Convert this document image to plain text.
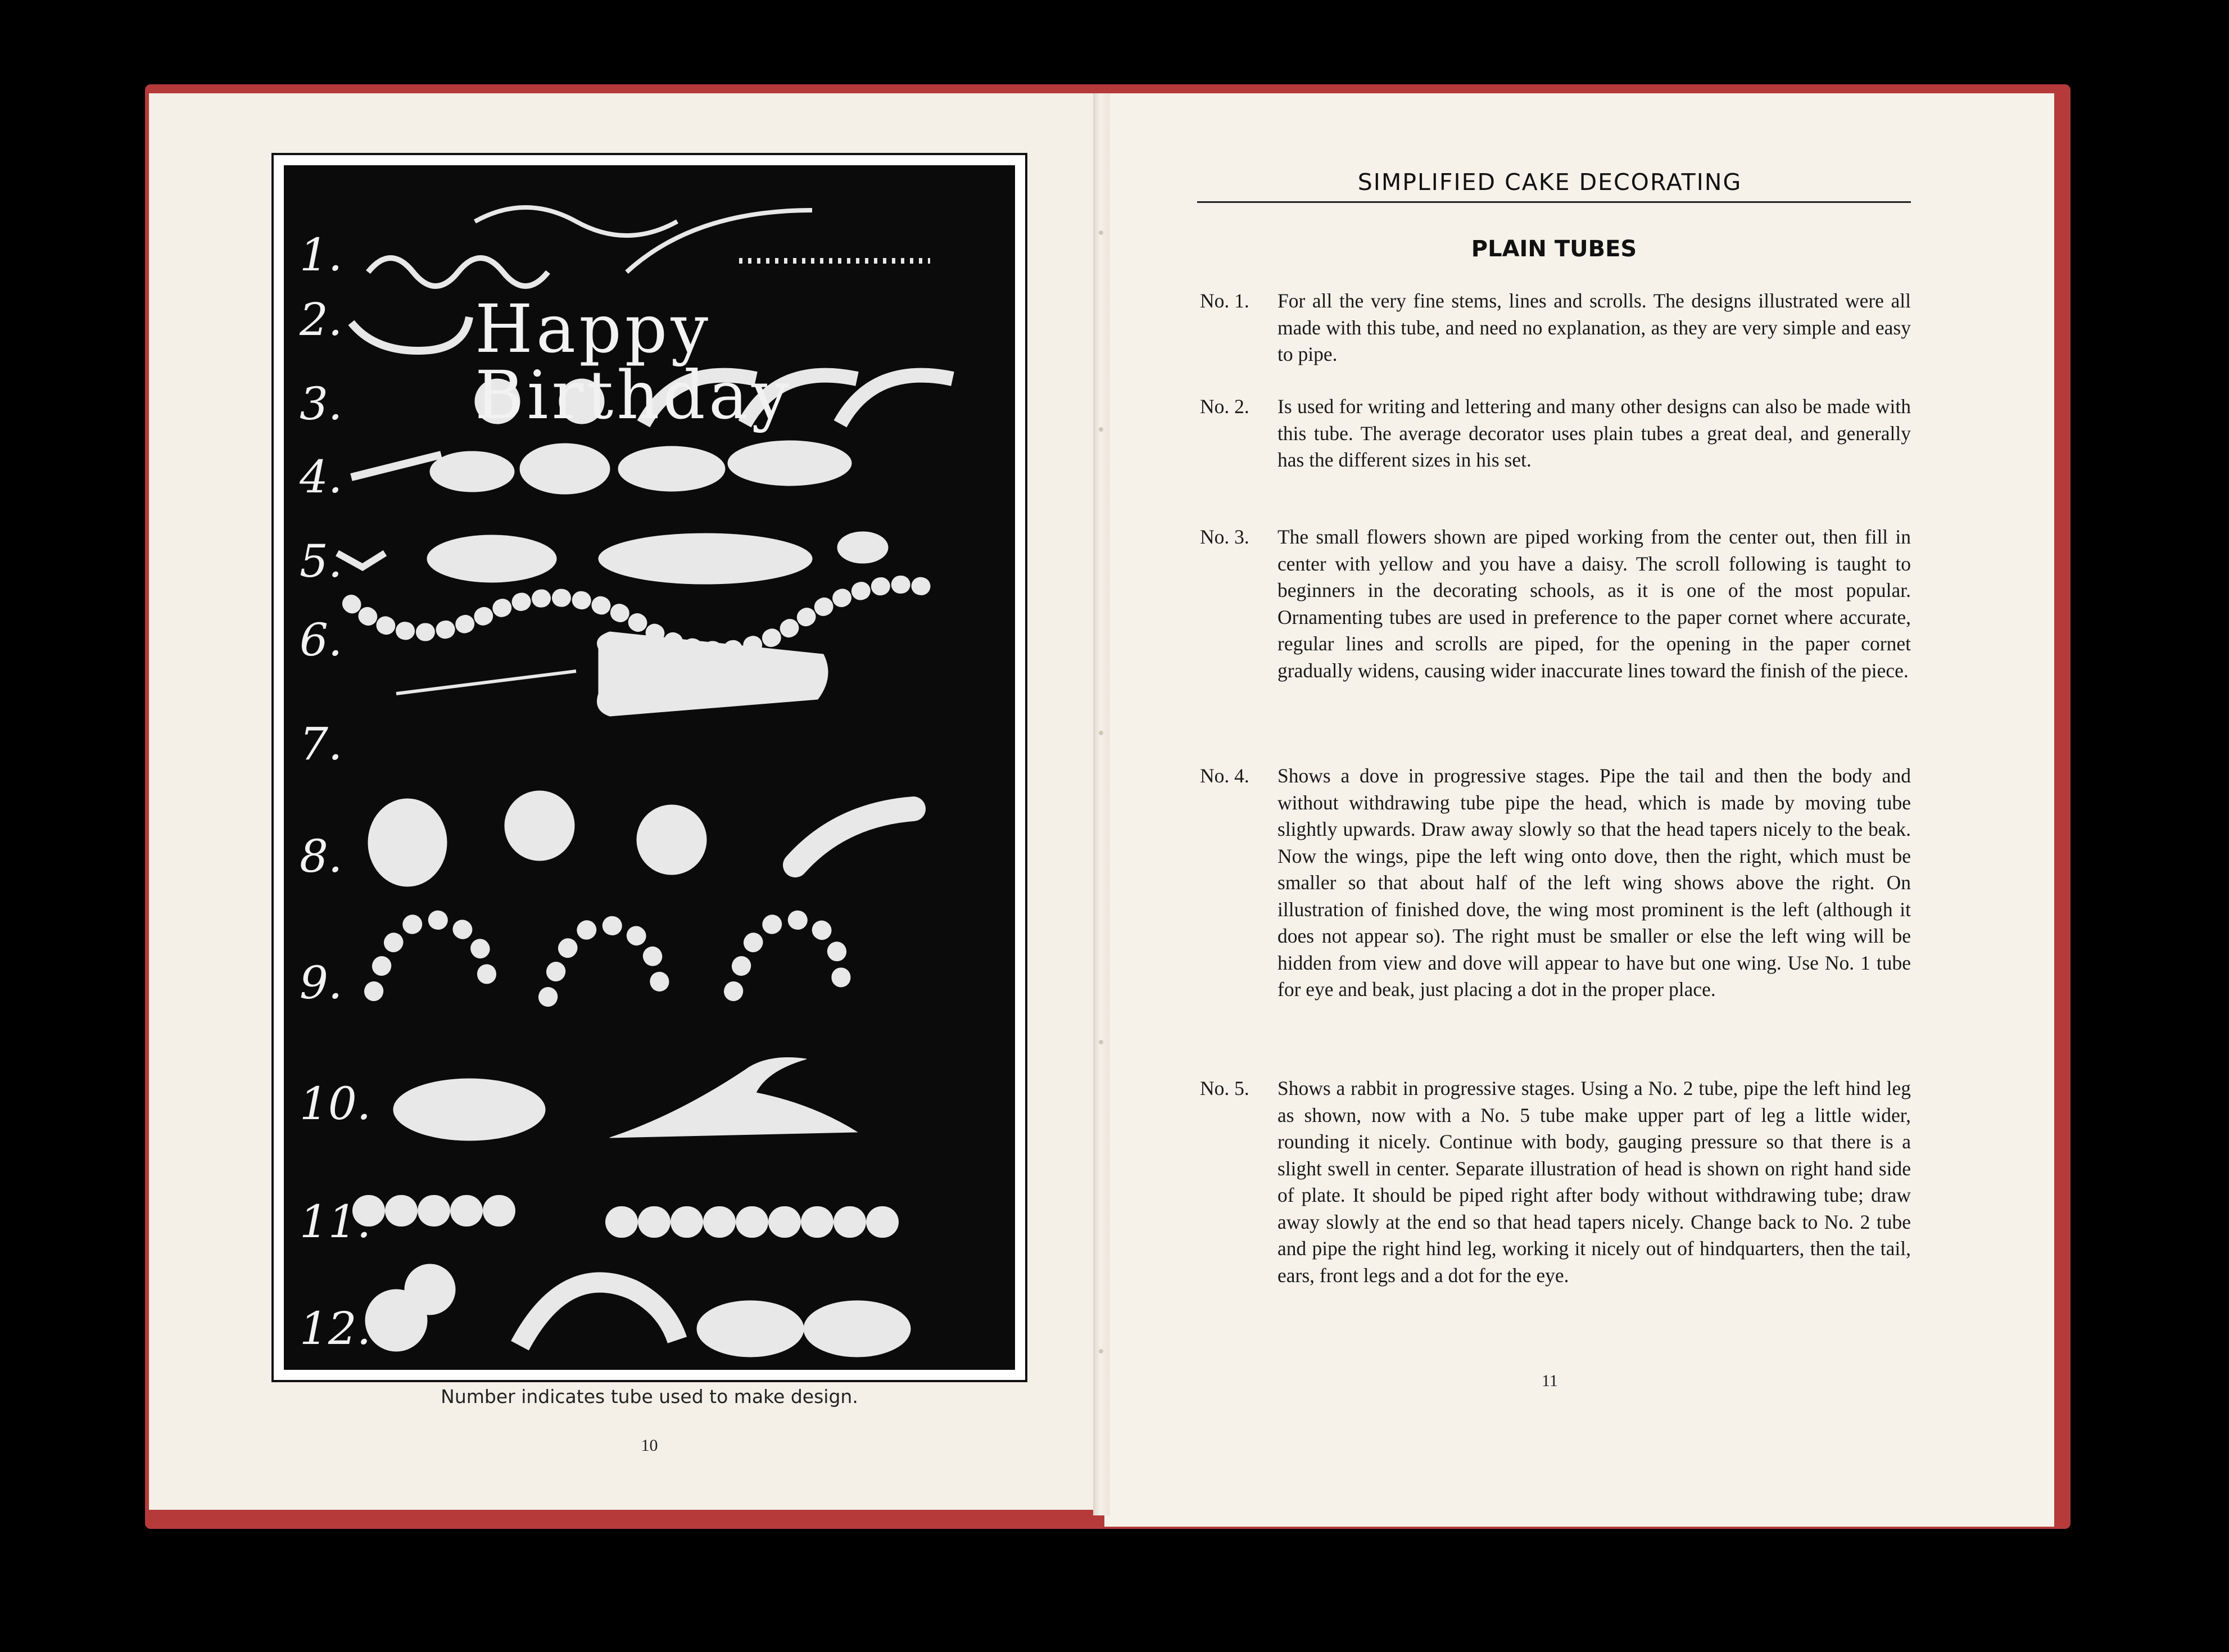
1.
2.
3.
4.
5.
6.
7.
8.
9.
10.
11.
12.
Happy Birthday
Number indicates tube used to make design.
10
SIMPLIFIED CAKE DECORATING
PLAIN TUBES
No. 1. For all the very fine stems, lines and scrolls. The designs illustrated were all made with this tube, and need no explanation, as they are very simple and easy to pipe.
No. 2. Is used for writing and lettering and many other designs can also be made with this tube. The average decorator uses plain tubes a great deal, and generally has the different sizes in his set.
No. 3. The small flowers shown are piped working from the center out, then fill in center with yellow and you have a daisy. The scroll following is taught to beginners in the decorating schools, as it is one of the most popular. Ornamenting tubes are used in preference to the paper cornet where accurate, regular lines and scrolls are piped, for the opening in the paper cornet gradually widens, causing wider inaccurate lines toward the finish of the piece.
No. 4. Shows a dove in progressive stages. Pipe the tail and then the body and without withdrawing tube pipe the head, which is made by moving tube slightly upwards. Draw away slowly so that the head tapers nicely to the beak. Now the wings, pipe the left wing onto dove, then the right, which must be smaller so that about half of the left wing shows above the right. On illustration of finished dove, the wing most prominent is the left (although it does not appear so). The right must be smaller or else the left wing will be hidden from view and dove will appear to have but one wing. Use No. 1 tube for eye and beak, just placing a dot in the proper place.
No. 5. Shows a rabbit in progressive stages. Using a No. 2 tube, pipe the left hind leg as shown, now with a No. 5 tube make upper part of leg a little wider, rounding it nicely. Continue with body, gauging pressure so that there is a slight swell in center. Separate illustration of head is shown on right hand side of plate. It should be piped right after body without withdrawing tube; draw away slowly at the end so that head tapers nicely. Change back to No. 2 tube and pipe the right hind leg, working it nicely out of hindquarters, then the tail, ears, front legs and a dot for the eye.
11
